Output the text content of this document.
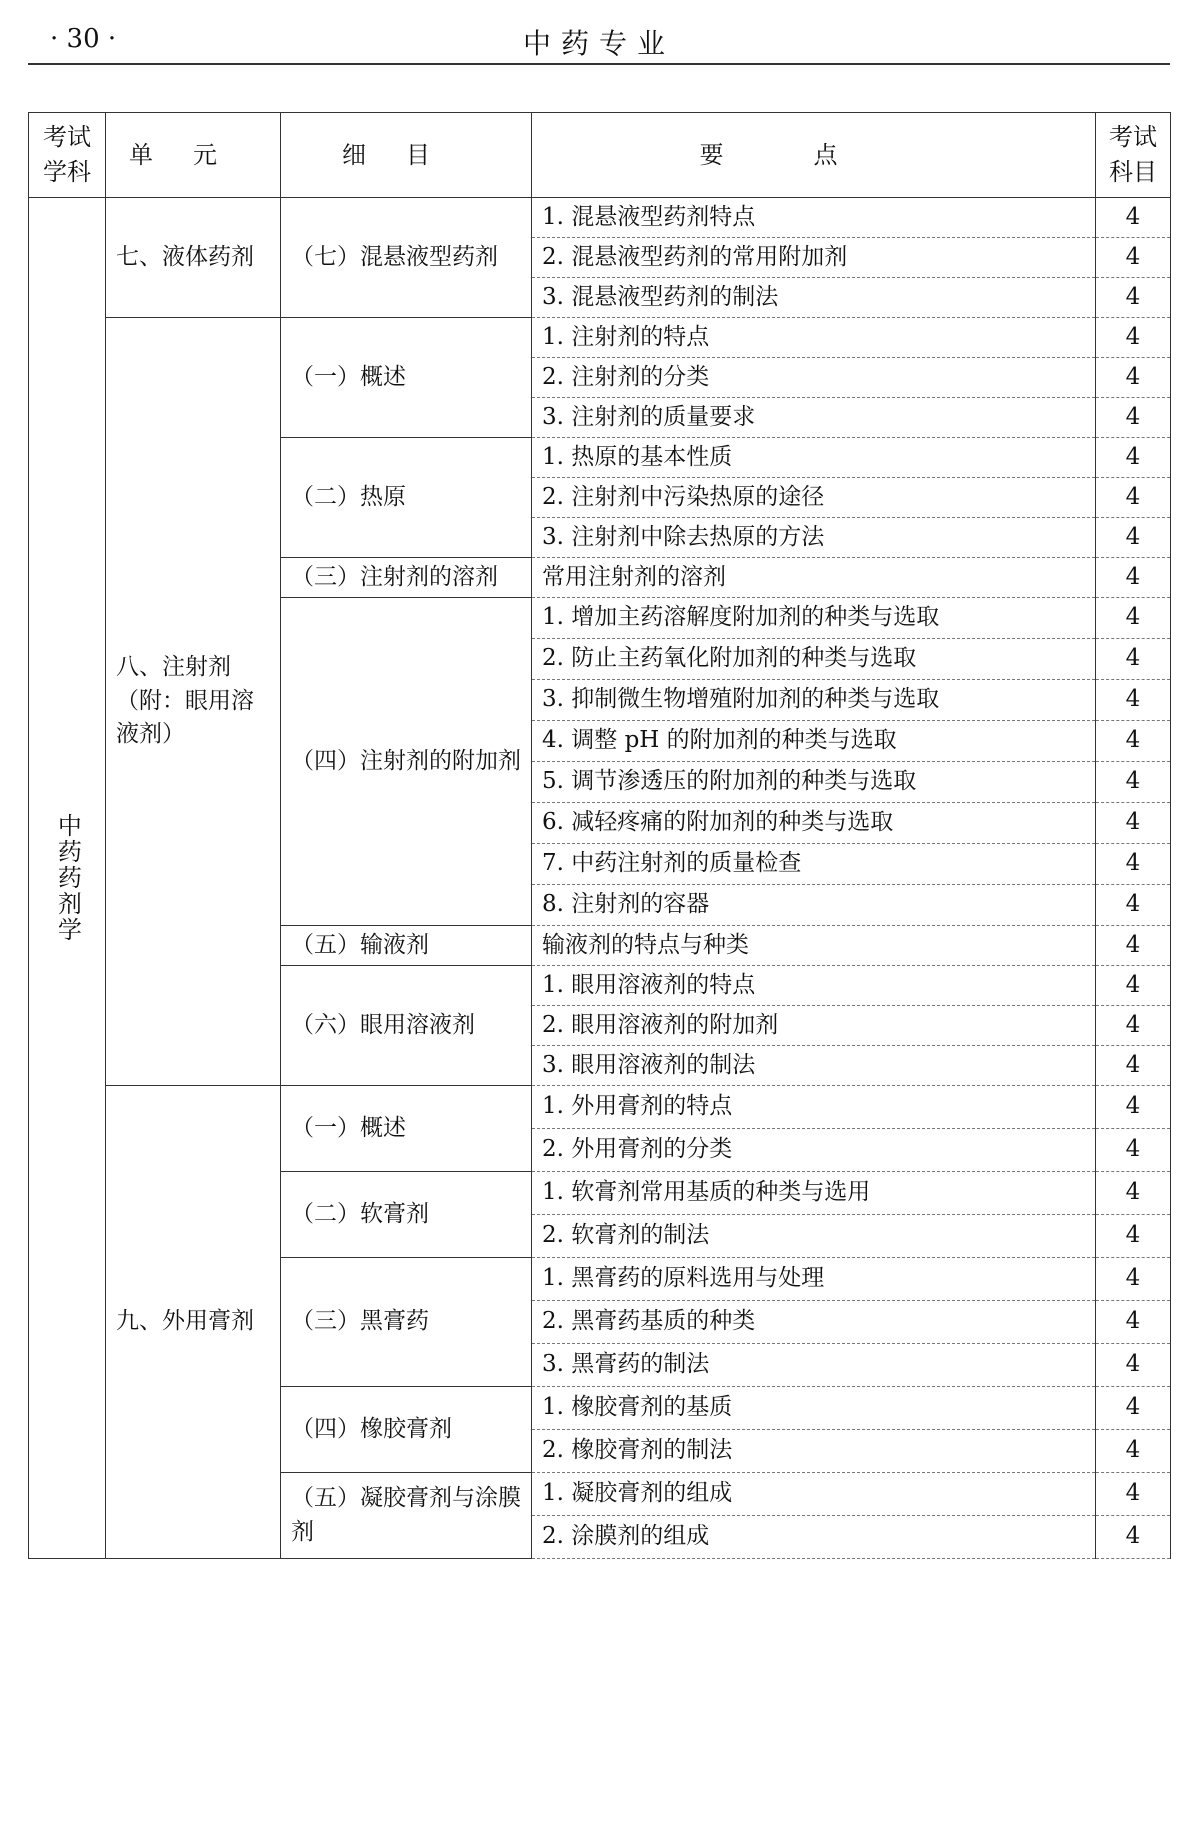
· 30 ·	中药专业
考试学科	单元	细目	要点	考试科目

中药药剂学	七、液体药剂	（七）混悬液型药剂	1. 混悬液型药剂特点	4
			2. 混悬液型药剂的常用附加剂	4
			3. 混悬液型药剂的制法	4
	八、注射剂（附：眼用溶液剂）	（一）概述	1. 注射剂的特点	4
			2. 注射剂的分类	4
			3. 注射剂的质量要求	4
		（二）热原	1. 热原的基本性质	4
			2. 注射剂中污染热原的途径	4
			3. 注射剂中除去热原的方法	4
		（三）注射剂的溶剂	常用注射剂的溶剂	4
		（四）注射剂的附加剂	1. 增加主药溶解度附加剂的种类与选取	4
			2. 防止主药氧化附加剂的种类与选取	4
			3. 抑制微生物增殖附加剂的种类与选取	4
			4. 调整 pH 的附加剂的种类与选取	4
			5. 调节渗透压的附加剂的种类与选取	4
			6. 减轻疼痛的附加剂的种类与选取	4
			7. 中药注射剂的质量检查	4
			8. 注射剂的容器	4
		（五）输液剂	输液剂的特点与种类	4
		（六）眼用溶液剂	1. 眼用溶液剂的特点	4
			2. 眼用溶液剂的附加剂	4
			3. 眼用溶液剂的制法	4
	九、外用膏剂	（一）概述	1. 外用膏剂的特点	4
			2. 外用膏剂的分类	4
		（二）软膏剂	1. 软膏剂常用基质的种类与选用	4
			2. 软膏剂的制法	4
		（三）黑膏药	1. 黑膏药的原料选用与处理	4
			2. 黑膏药基质的种类	4
			3. 黑膏药的制法	4
		（四）橡胶膏剂	1. 橡胶膏剂的基质	4
			2. 橡胶膏剂的制法	4
		（五）凝胶膏剂与涂膜剂	1. 凝胶膏剂的组成	4
			2. 涂膜剂的组成	4
